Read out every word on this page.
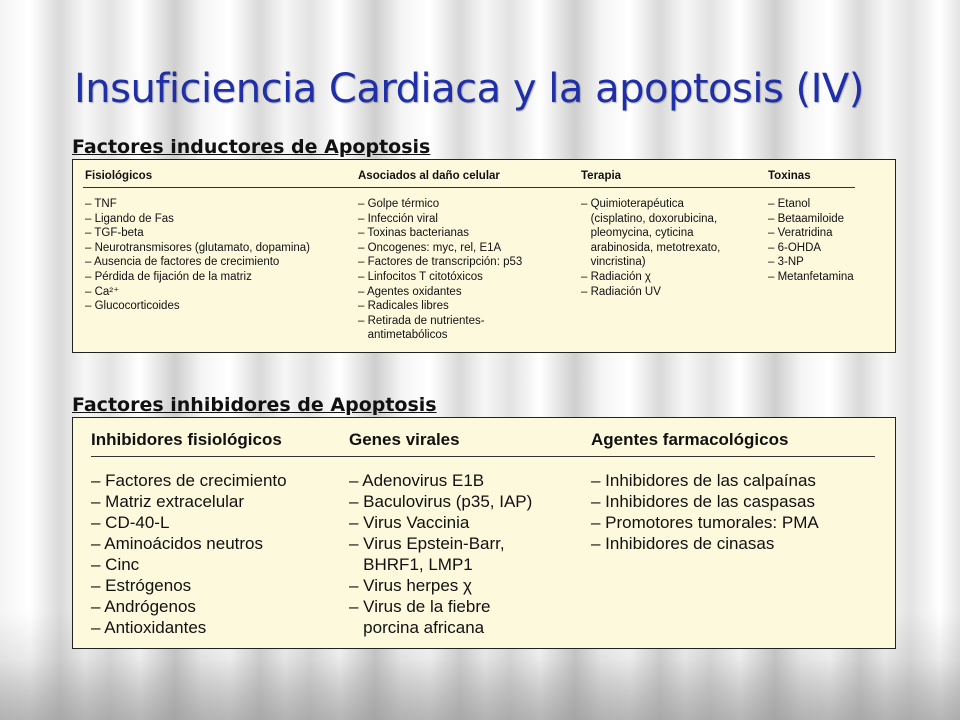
Insuficiencia Cardiaca y la apoptosis (IV)
Factores inductores de Apoptosis
Fisiológicos
– TNF
– Ligando de Fas
– TGF-beta
– Neurotransmisores (glutamato, dopamina)
– Ausencia de factores de crecimiento
– Pérdida de fijación de la matriz
– Ca²⁺
– Glucocorticoides
Asociados al daño celular
– Golpe térmico
– Infección viral
– Toxinas bacterianas
– Oncogenes: myc, rel, E1A
– Factores de transcripción: p53
– Linfocitos T citotóxicos
– Agentes oxidantes
– Radicales libres
– Retirada de nutrientes-
antimetabólicos
Terapia
– Quimioterapéutica
(cisplatino, doxorubicina,
pleomycina, cyticina
arabinosida, metotrexato,
vincristina)
– Radiación χ
– Radiación UV
Toxinas
– Etanol
– Betaamiloide
– Veratridina
– 6-OHDA
– 3-NP
– Metanfetamina
Factores inhibidores de Apoptosis
Inhibidores fisiológicos
– Factores de crecimiento
– Matriz extracelular
– CD-40-L
– Aminoácidos neutros
– Cinc
– Estrógenos
– Andrógenos
– Antioxidantes
Genes virales
– Adenovirus E1B
– Baculovirus (p35, IAP)
– Virus Vaccinia
– Virus Epstein-Barr,
BHRF1, LMP1
– Virus herpes χ
– Virus de la fiebre
porcina africana
Agentes farmacológicos
– Inhibidores de las calpaínas
– Inhibidores de las caspasas
– Promotores tumorales: PMA
– Inhibidores de cinasas
